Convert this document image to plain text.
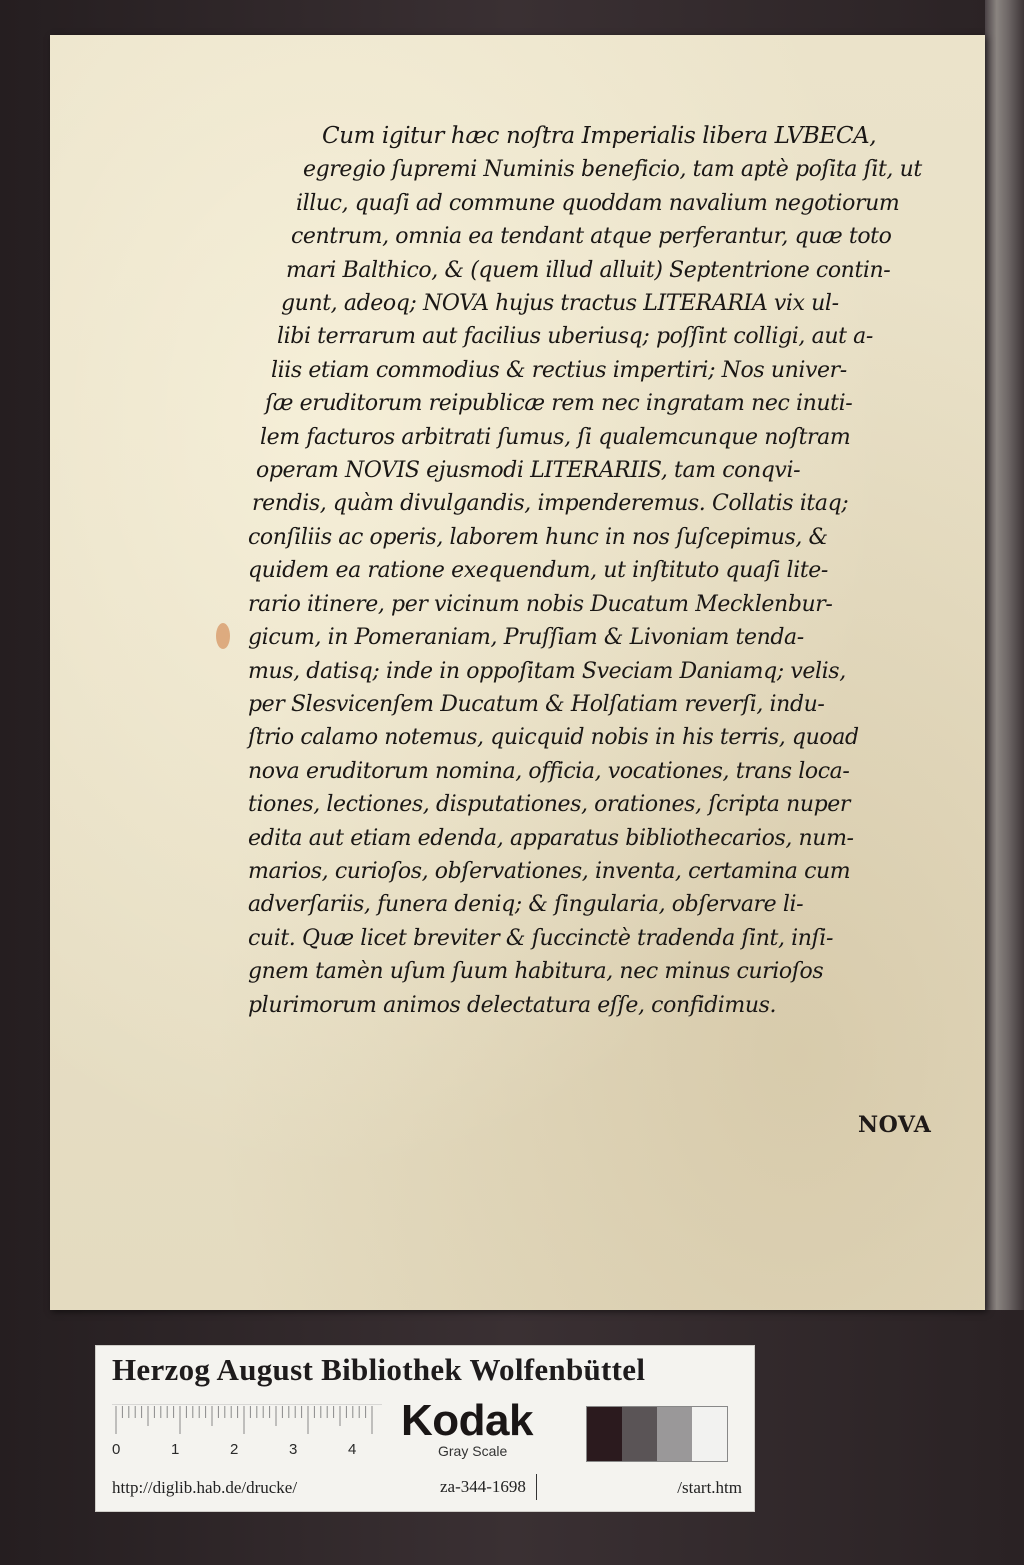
Cum igitur hæc noſtra Imperialis libera LVBECA,
egregio ſupremi Numinis beneficio, tam aptè poſita ſit, ut
illuc, quaſi ad commune quoddam navalium negotiorum
centrum, omnia ea tendant atque perferantur, quæ toto
mari Balthico, & (quem illud alluit) Septentrione contin-
gunt, adeoq; NOVA hujus tractus LITERARIA vix ul-
libi terrarum aut facilius uberiusq; poſſint colligi, aut a-
liis etiam commodius & rectius impertiri; Nos univer-
ſæ eruditorum reipublicæ rem nec ingratam nec inuti-
lem facturos arbitrati ſumus, ſi qualemcunque noſtram
operam NOVIS ejusmodi LITERARIIS, tam conqvi-
rendis, quàm divulgandis, impenderemus. Collatis itaq;
conſiliis ac operis, laborem hunc in nos ſuſcepimus, &
quidem ea ratione exequendum, ut inſtituto quaſi lite-
rario itinere, per vicinum nobis Ducatum Mecklenbur-
gicum, in Pomeraniam, Pruſſiam & Livoniam tenda-
mus, datisq; inde in oppoſitam Sveciam Daniamq; velis,
per Slesvicenſem Ducatum & Holſatiam reverſi, indu-
ſtrio calamo notemus, quicquid nobis in his terris, quoad
nova eruditorum nomina, officia, vocationes, trans loca-
tiones, lectiones, disputationes, orationes, ſcripta nuper
edita aut etiam edenda, apparatus bibliothecarios, num-
marios, curioſos, obſervationes, inventa, certamina cum
adverſariis, funera deniq; & ſingularia, obſervare li-
cuit. Quæ licet breviter & ſuccinctè tradenda ſint, inſi-
gnem tamèn uſum ſuum habitura, nec minus curioſos
plurimorum animos delectatura eſſe, confidimus.
NOVA
Herzog August Bibliothek Wolfenbüttel
0	1	2	3	4
Kodak
Gray Scale
http://diglib.hab.de/drucke/	za-344-1698	/start.htm
